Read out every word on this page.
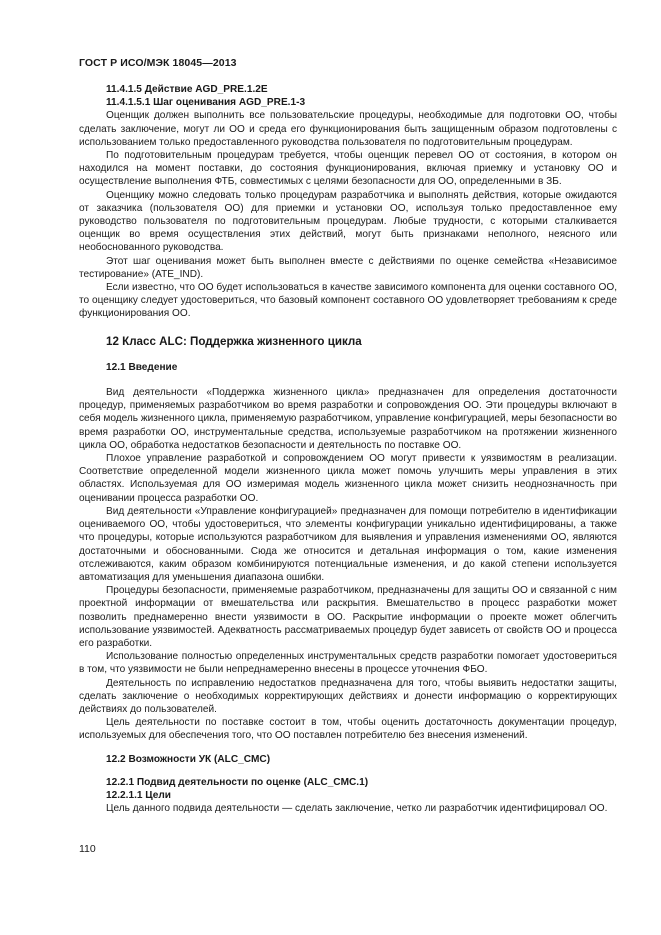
ГОСТ Р ИСО/МЭК 18045—2013
11.4.1.5 Действие AGD_PRE.1.2E
11.4.1.5.1 Шаг оценивания AGD_PRE.1-3

Оценщик должен выполнить все пользовательские процедуры, необходимые для подготовки ОО, чтобы сделать заключение, могут ли ОО и среда его функционирования быть защищенным образом подготовлены с использованием только предоставленного руководства пользователя по подготовительным процедурам.

По подготовительным процедурам требуется, чтобы оценщик перевел ОО от состояния, в котором он находился на момент поставки, до состояния функционирования, включая приемку и установку ОО и осуществление выполнения ФТБ, совместимых с целями безопасности для ОО, определенными в ЗБ.

Оценщику можно следовать только процедурам разработчика и выполнять действия, которые ожидаются от заказчика (пользователя ОО) для приемки и установки ОО, используя только предоставленное ему руководство пользователя по подготовительным процедурам. Любые трудности, с которыми сталкивается оценщик во время осуществления этих действий, могут быть признаками неполного, неясного или необоснованного руководства.

Этот шаг оценивания может быть выполнен вместе с действиями по оценке семейства «Независимое тестирование» (ATE_IND).

Если известно, что ОО будет использоваться в качестве зависимого компонента для оценки составного ОО, то оценщику следует удостовериться, что базовый компонент составного ОО удовлетворяет требованиям к среде функционирования ОО.

12 Класс ALC: Поддержка жизненного цикла
12.1 Введение

Вид деятельности «Поддержка жизненного цикла» предназначен для определения достаточности процедур, применяемых разработчиком во время разработки и сопровождения ОО. Эти процедуры включают в себя модель жизненного цикла, применяемую разработчиком, управление конфигурацией, меры безопасности во время разработки ОО, инструментальные средства, используемые разработчиком на протяжении жизненного цикла ОО, обработка недостатков безопасности и деятельность по поставке ОО.

Плохое управление разработкой и сопровождением ОО могут привести к уязвимостям в реализации. Соответствие определенной модели жизненного цикла может помочь улучшить меры управления в этих областях. Используемая для ОО измеримая модель жизненного цикла может снизить неоднозначность при оценивании процесса разработки ОО.

Вид деятельности «Управление конфигурацией» предназначен для помощи потребителю в идентификации оцениваемого ОО, чтобы удостовериться, что элементы конфигурации уникально идентифицированы, а также что процедуры, которые используются разработчиком для выявления и управления изменениями ОО, являются достаточными и обоснованными. Сюда же относится и детальная информация о том, какие изменения отслеживаются, каким образом комбинируются потенциальные изменения, и до какой степени используется автоматизация для уменьшения диапазона ошибки.

Процедуры безопасности, применяемые разработчиком, предназначены для защиты ОО и связанной с ним проектной информации от вмешательства или раскрытия. Вмешательство в процесс разработки может позволить преднамеренно внести уязвимости в ОО. Раскрытие информации о проекте может облегчить использование уязвимостей. Адекватность рассматриваемых процедур будет зависеть от свойств ОО и процесса его разработки.

Использование полностью определенных инструментальных средств разработки помогает удостовериться в том, что уязвимости не были непреднамеренно внесены в процессе уточнения ФБО.

Деятельность по исправлению недостатков предназначена для того, чтобы выявить недостатки защиты, сделать заключение о необходимых корректирующих действиях и донести информацию о корректирующих действиях до пользователей.

Цель деятельности по поставке состоит в том, чтобы оценить достаточность документации процедур, используемых для обеспечения того, что ОО поставлен потребителю без внесения изменений.

12.2 Возможности УК (ALC_CMC)
12.2.1 Подвид деятельности по оценке (ALC_CMC.1)
12.2.1.1 Цели

Цель данного подвида деятельности — сделать заключение, четко ли разработчик идентифицировал ОО.

110
